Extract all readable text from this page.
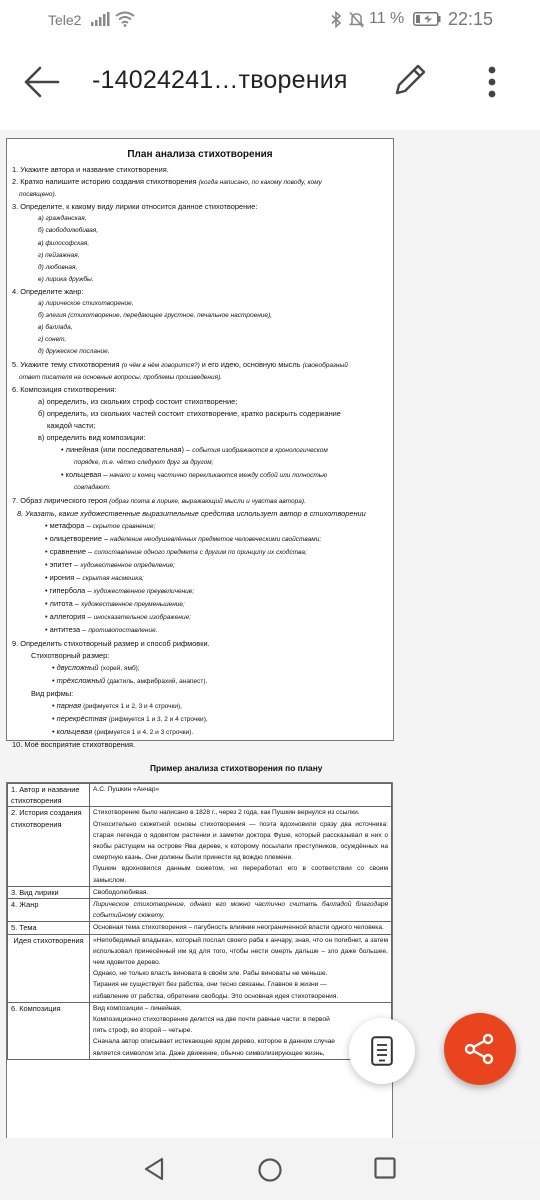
Tele2	11 % 22:15
-14024241…творения
План анализа стихотворения
1. Укажите автора и название стихотворения.
2. Кратко напишите историю создания стихотворения (когда написано, по какому поводу, кому
посвящено).
3. Определите, к какому виду лирики относится данное стихотворение:
а) гражданская,
б) свободолюбивая,
в) философская,
г) пейзажная,
д) любовная,
е) лирика дружбы.
4. Определите жанр:
а) лирическое стихотворение,
б) элегия (стихотворение, передающее грустное, печальное настроение),
в) баллада,
г) сонет,
д) дружеское послание.
5. Укажите тему стихотворения (о чём в нём говорится?) и его идею, основную мысль (своеобразный
ответ писателя на основные вопросы, проблемы произведения).
6. Композиция стихотворения:
а) определить, из скольких строф состоит стихотворение;
б) определить, из скольких частей состоит стихотворение, кратко раскрыть содержание
каждой части;
в) определить вид композиции:
• линейная (или последовательная) – события изображаются в хронологическом
порядке, т.е. чётко следуют друг за другом;
• кольцевая – начало и конец частично перекликаются между собой или полностью
совпадают.
7. Образ лирического героя (образ поэта в лирике, выражающий мысли и чувства автора).
8. Указать, какие художественные выразительные средства использует автор в стихотворении
• метафора – скрытое сравнение;
• олицетворение – наделение неодушевлённых предметов человеческими свойствами;
• сравнение – сопоставление одного предмета с другим по принципу их сходства;
• эпитет – художественное определение;
• ирония – скрытая насмешка;
• гипербола – художественное преувеличение;
• литота – художественное преуменьшение;
• аллегория – иносказательное изображение;
• антитеза – противопоставление.
9. Определить стихотворный размер и способ рифмовки.
Стихотворный размер:
• двусложный (хорей, ямб);
• трёхсложный (дактиль, амфибрахий, анапест).
Вид рифмы:
• парная (рифмуется 1 и 2, 3 и 4 строчки),
• перекрёстная (рифмуется 1 и 3, 2 и 4 строчки),
• кольцевая (рифмуется 1 и 4, 2 и 3 строчки).
10. Моё восприятие стихотворения.
Пример анализа стихотворения по плану
1. Автор и название стихотворения	А.С. Пушкин «Анчар»
2. История создания стихотворения	Стихотворение было написано в 1828 г., через 2 года, как Пушкин вернулся из ссылки.
Относительно сюжетной основы стихотворения — поэта вдохновили сразу два источника: старая легенда о ядовитом растении и заметки доктора Фуше, который рассказывал в них о якобы растущем на острове Ява дереве, к которому посылали преступников, осуждённых на смертную казнь. Они должны были принести яд вождю племени.
Пушкин вдохновился данным сюжетом, но переработал его в соответствии со своим замыслом.

3. Вид лирики	Свободолюбивая.
4. Жанр	Лирическое стихотворение, однако его можно частично считать балладой благодаря событийному сюжету.
5. Тема	Основная тема стихотворения – пагубность влияние неограниченной власти одного человека.
Идея стихотворения	«Непобедимый владыка», который послал своего раба к анчару, зная, что он погибнет, а затем использовал принесённый им яд для того, чтобы нести смерть дальше – зло даже большее, чем ядовитое дерево.
Однако, не только власть виновата в своём зле. Рабы виноваты не меньше.
Тирания не существует без рабства, они тесно связаны. Главное в жизни —
избавление от рабства, обретение свободы. Это основная идея стихотворения.

6. Композиция	Вид композиции – линейная.
Композиционно стихотворение делится на две почти равные части: в первой
пять строф, во второй – четыре.
Сначала автор описывает истекающее ядом дерево, которое в данном случае
является символом зла. Даже движение, обычно символизирующее жизнь,
